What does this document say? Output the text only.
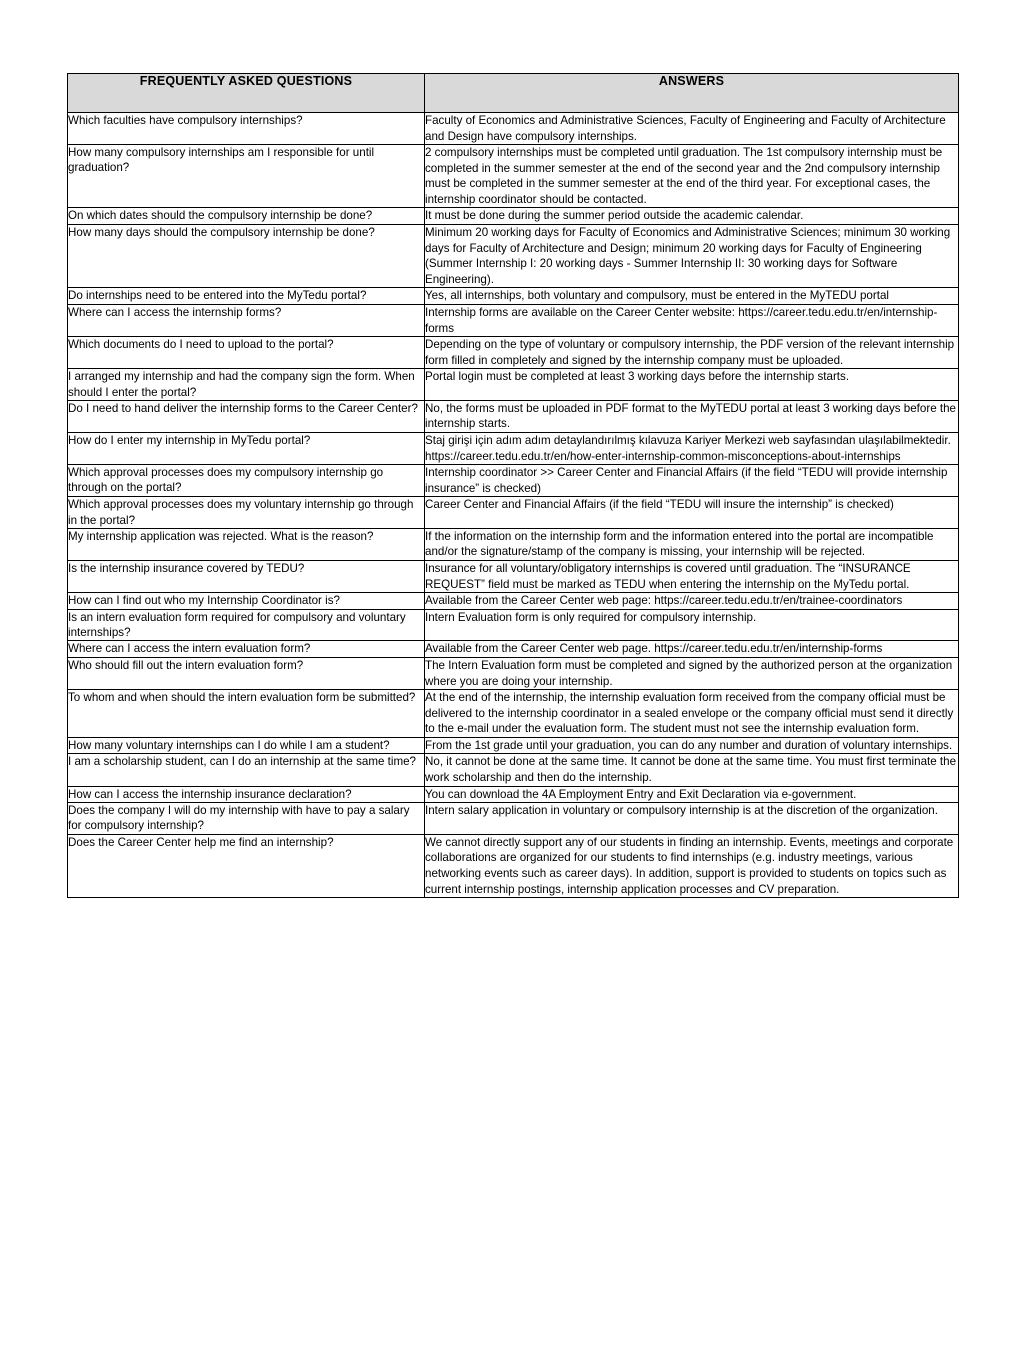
FREQUENTLY ASKED QUESTIONS	ANSWERS

Which faculties have compulsory internships?	Faculty of Economics and Administrative Sciences, Faculty of Engineering and Faculty of Architecture and Design have compulsory internships.

How many compulsory internships am I responsible for until graduation?	2 compulsory internships must be completed until graduation. The 1st compulsory internship must be completed in the summer semester at the end of the second year and the 2nd compulsory internship must be completed in the summer semester at the end of the third year. For exceptional cases, the internship coordinator should be contacted.

On which dates should the compulsory internship be done?	It must be done during the summer period outside the academic calendar.

How many days should the compulsory internship be done?	Minimum 20 working days for Faculty of Economics and Administrative Sciences; minimum 30 working days for Faculty of Architecture and Design; minimum 20 working days for Faculty of Engineering (Summer Internship I: 20 working days - Summer Internship II: 30 working days for Software Engineering).

Do internships need to be entered into the MyTedu portal?	Yes, all internships, both voluntary and compulsory, must be entered in the MyTEDU portal

Where can I access the internship forms?	Internship forms are available on the Career Center website: https://career.tedu.edu.tr/en/internship-forms

Which documents do I need to upload to the portal?	Depending on the type of voluntary or compulsory internship, the PDF version of the relevant internship form filled in completely and signed by the internship company must be uploaded.

I arranged my internship and had the company sign the form. When should I enter the portal?	Portal login must be completed at least 3 working days before the internship starts.

Do I need to hand deliver the internship forms to the Career Center?	No, the forms must be uploaded in PDF format to the MyTEDU portal at least 3 working days before the internship starts.

How do I enter my internship in MyTedu portal?	Staj girişi için adım adım detaylandırılmış kılavuza Kariyer Merkezi web sayfasından ulaşılabilmektedir. https://career.tedu.edu.tr/en/how-enter-internship-common-misconceptions-about-internships

Which approval processes does my compulsory internship go through on the portal?	Internship coordinator >> Career Center and Financial Affairs (if the field “TEDU will provide internship insurance” is checked)

Which approval processes does my voluntary internship go through in the portal?	Career Center and Financial Affairs (if the field “TEDU will insure the internship” is checked)

My internship application was rejected. What is the reason?	If the information on the internship form and the information entered into the portal are incompatible and/or the signature/stamp of the company is missing, your internship will be rejected.

Is the internship insurance covered by TEDU?	Insurance for all voluntary/obligatory internships is covered until graduation. The “INSURANCE REQUEST” field must be marked as TEDU when entering the internship on the MyTedu portal.

How can I find out who my Internship Coordinator is?	Available from the Career Center web page: https://career.tedu.edu.tr/en/trainee-coordinators

Is an intern evaluation form required for compulsory and voluntary internships?	Intern Evaluation form is only required for compulsory internship.

Where can I access the intern evaluation form?	Available from the Career Center web page. https://career.tedu.edu.tr/en/internship-forms

Who should fill out the intern evaluation form?	The Intern Evaluation form must be completed and signed by the authorized person at the organization where you are doing your internship.

To whom and when should the intern evaluation form be submitted?	At the end of the internship, the internship evaluation form received from the company official must be delivered to the internship coordinator in a sealed envelope or the company official must send it directly to the e-mail under the evaluation form. The student must not see the internship evaluation form.

How many voluntary internships can I do while I am a student?	From the 1st grade until your graduation, you can do any number and duration of voluntary internships.

I am a scholarship student, can I do an internship at the same time?	No, it cannot be done at the same time. It cannot be done at the same time. You must first terminate the work scholarship and then do the internship.

How can I access the internship insurance declaration?	You can download the 4A Employment Entry and Exit Declaration via e-government.

Does the company I will do my internship with have to pay a salary for compulsory internship?	Intern salary application in voluntary or compulsory internship is at the discretion of the organization.

Does the Career Center help me find an internship?	We cannot directly support any of our students in finding an internship. Events, meetings and corporate collaborations are organized for our students to find internships (e.g. industry meetings, various networking events such as career days). In addition, support is provided to students on topics such as current internship postings, internship application processes and CV preparation.
